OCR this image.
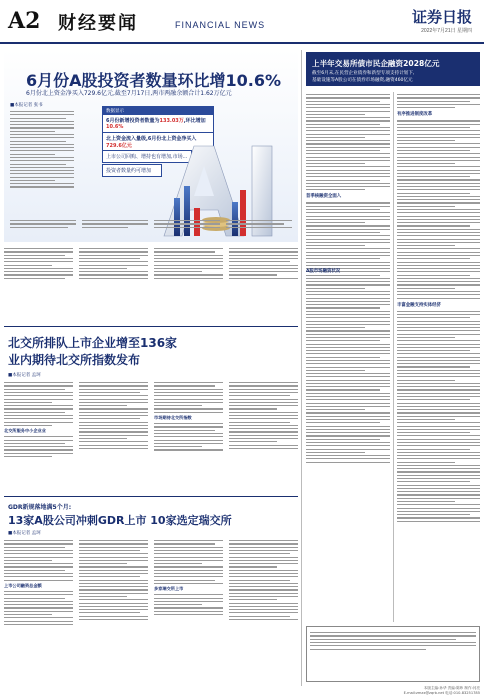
A2 财经要闻	FINANCIAL NEWS	证券日报
2022年7月21日 星期四
6月份A股投资者数量环比增10.6%
6月份北上资金净买入729.6亿元,截至7月17日,两市两融余额合计1.62万亿元
■本报记者 张书
数据显示
6月份新增投资者数量为133.03万,环比增加10.6%
北上资金流入量级,6月份北上资金净买入729.6亿元
上市公司回购、增持也有增加,市场...
投资者数量约可增加
上半年交易所债市民企融资2028亿元
截至6月末,在民营企业债券和新型专项支持计划下,
基础设施等A股公司在债券市场融资,融资460亿元
首季核融资全面入
有序推进制度改革
丰富金融支持实体经济
A股市场融资状况
北交所排队上市企业增至136家
业内期待北交所指数发布
■本报记者 孟珂
北交所服务中小企业业
市场期待北交所指数
GDR新规落地满5个月:
13家A股公司冲刺GDR上市 10家选定瑞交所
■本报记者 孟珂
上市公司融资总金额
多家瑞交所上市
本版主编:孙华 责编:陈炜 制作:闫亮
E-mail:zmzx@zqrb.net 电话:010-83251785
